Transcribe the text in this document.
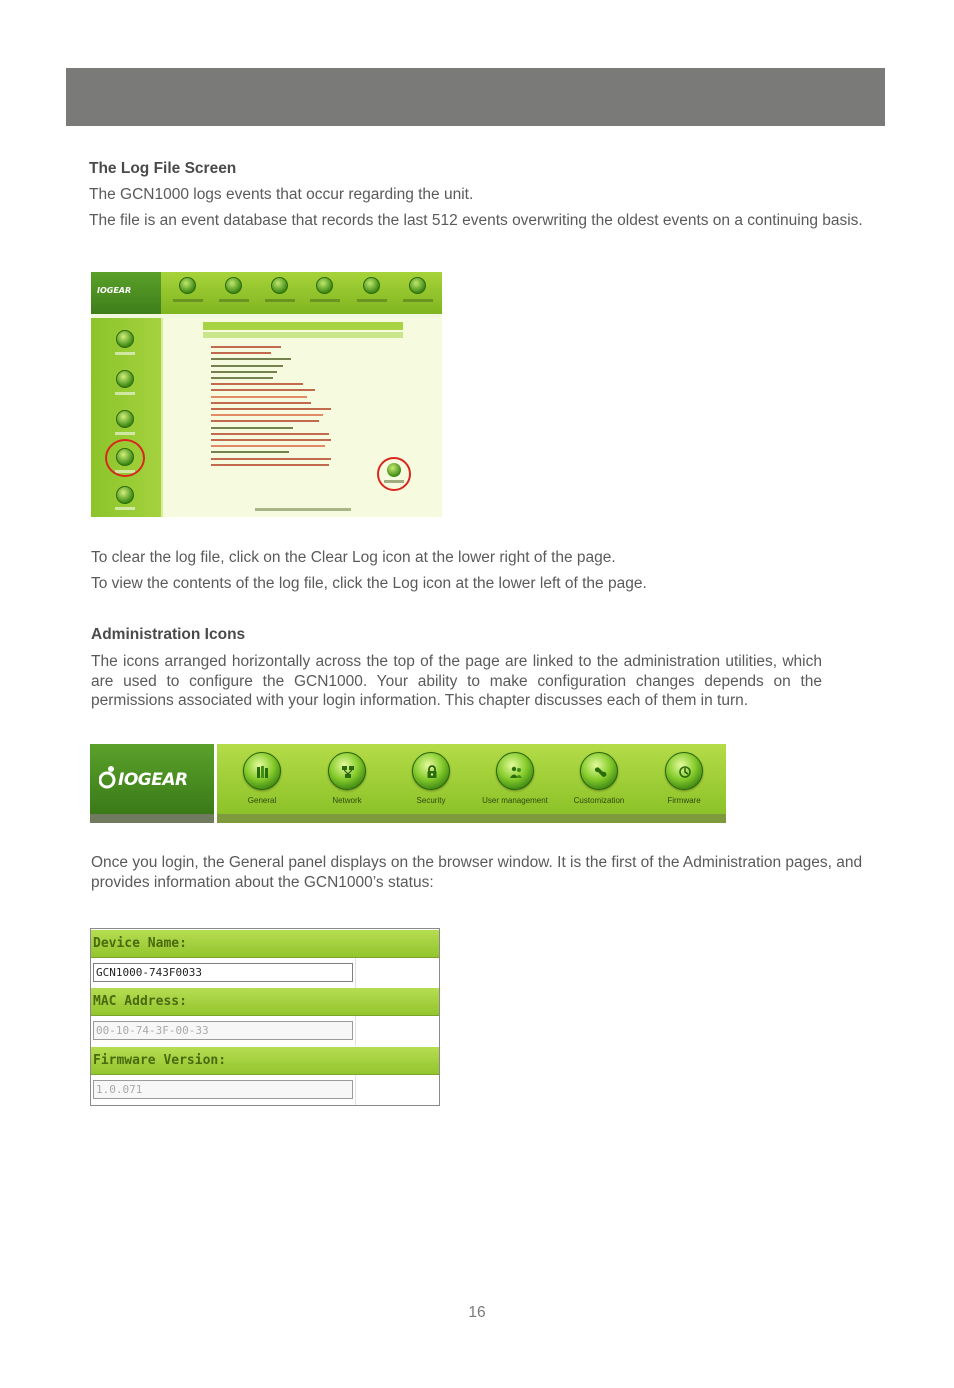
The Log File Screen
The GCN1000 logs events that occur regarding the unit.
The file is an event database that records the last 512 events overwriting the oldest events on a continuing basis.
IOGEAR
To clear the log file, click on the Clear Log icon at the lower right of the page.
To view the contents of the log file, click the Log icon at the lower left of the page.
Administration Icons
The icons arranged horizontally across the top of the page are linked to the administration utilities, which are used to configure the GCN1000. Your ability to make configuration changes depends on the permissions associated with your login information. This chapter discusses each of them in turn.
IOGEAR
General	Network	Security	User management	Customization	Firmware
Once you login, the General panel displays on the browser window. It is the first of the Administration pages, and provides information about the GCN1000’s status:
Device Name:
GCN1000-743F0033
MAC Address:
00-10-74-3F-00-33
Firmware Version:
1.0.071
16
